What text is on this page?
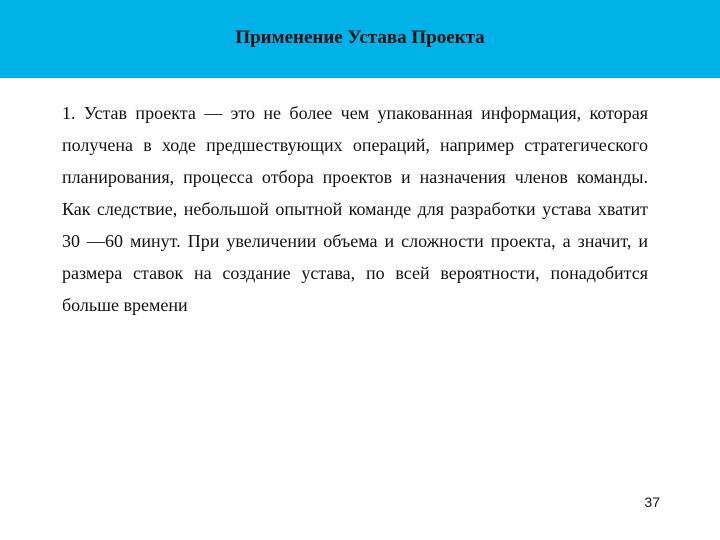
Применение Устава Проекта

1. Устав проекта — это не более чем упакованная информация, которая получена в ходе предшествующих операций, например стратегического планирования, процесса отбора проектов и назначения членов команды. Как следствие, небольшой опытной команде для разработки устава хватит 30 —60 минут. При увеличении объема и сложности проекта, а значит, и размера ставок на создание устава, по всей вероятности, понадобится больше времени

37
